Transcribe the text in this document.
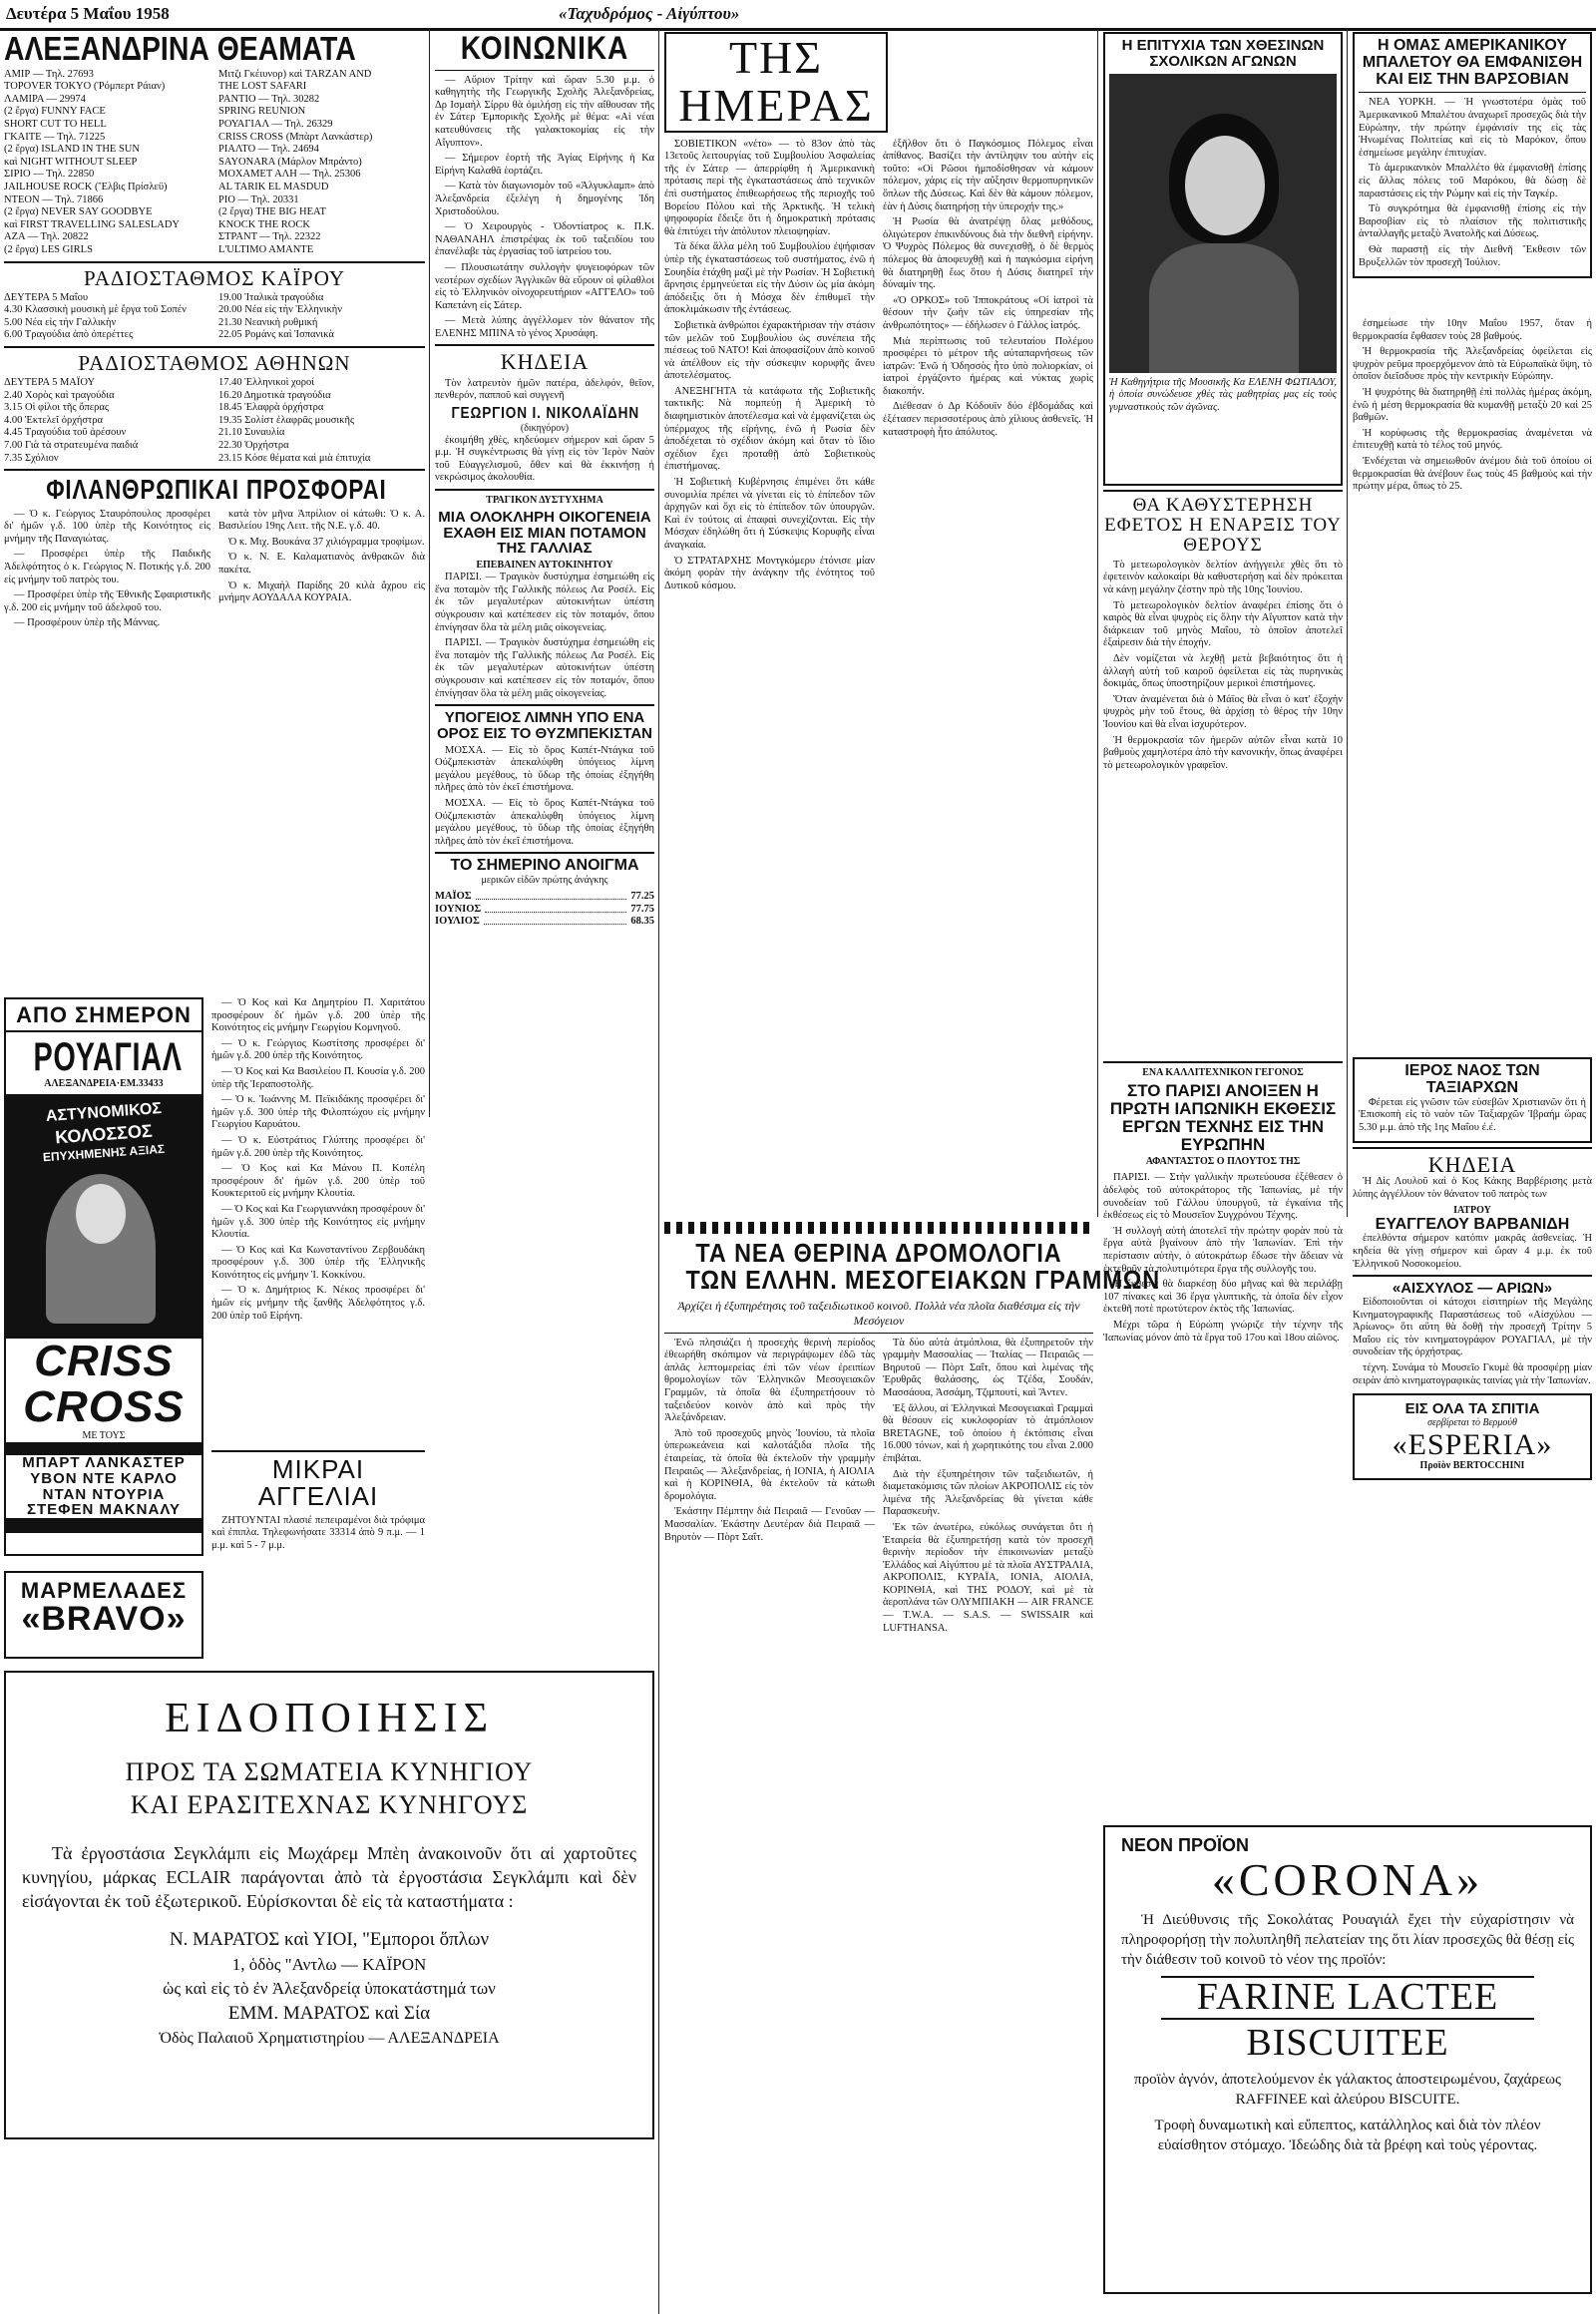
Δευτέρα 5 Μαΐου 1958	«Ταχυδρόμος - Αἰγύπτου»
ΑΛΕΞΑΝΔΡΙΝΑ ΘΕΑΜΑΤΑ
ΑΜΙΡ — Τηλ. 27693
TOPOVER TOKYO (Ῥόμπερτ Ράιαν)
ΛΑΜΙΡΑ — 29974
(2 ἔργα) FUNNY FACE
SHORT CUT TO HELL
ΓΚΑΙΤΕ — Τηλ. 71225
(2 ἔργα) ISLAND IN THE SUN
καὶ NIGHT WITHOUT SLEEP
ΣΙΡΙΟ — Τηλ. 22850
JAILHOUSE ROCK (Ἔλβις Πρίσλεϋ)
ΝΤΕΟΝ — Τηλ. 71866
(2 ἔργα) NEVER SAY GOODBYE
καὶ FIRST TRAVELLING SALESLADY
ΑΖΑ — Τηλ. 20822
(2 ἔργα) LES GIRLS
Μιτζι Γκέιυνορ) καὶ TARZAN AND
THE LOST SAFARI
ΡΑΝΤΙΟ — Τηλ. 30282
SPRING REUNION
ΡΟΥΑΓΙΑΛ — Τηλ. 26329
CRISS CROSS (Μπὰρτ Λανκάστερ)
ΡΙΑΛΤΟ — Τηλ. 24694
SAYONARA (Μάρλον Μπράντο)
ΜΟΧΑΜΕΤ ΑΛΗ — Τηλ. 25306
AL TARIK EL MASDUD
ΡΙΟ — Τηλ. 20331
(2 ἔργα) THE BIG HEAT
KNOCK THE ROCK
ΣΤΡΑΝΤ — Τηλ. 22322
L'ULTIMO AMANTE
ΡΑΔΙΟΣΤΑΘΜΟΣ ΚΑΪΡΟΥ
ΔΕΥΤΕΡΑ 5 Μαΐου
4.30 Κλασσικὴ μουσικὴ μὲ ἔργα τοῦ Σοπέν
5.00 Νέα εἰς τὴν Γαλλικὴν
6.00 Τραγούδια ἀπὸ ὀπερέττες
19.00 Ἰταλικὰ τραγούδια
20.00 Νέα εἰς τὴν Ἑλληνικὴν
21.30 Νεανικὴ ρυθμική
22.05 Ρομάνς καὶ Ἰσπανικὰ
ΡΑΔΙΟΣΤΑΘΜΟΣ ΑΘΗΝΩΝ
ΔΕΥΤΕΡΑ 5 ΜΑΪΟΥ
2.40 Χορὸς καὶ τραγούδια
3.15 Οἱ φίλοι τῆς ὄπερας
4.00 Ἐκτελεῖ ὀρχήστρα
4.45 Τραγούδια τοῦ ἀρέσουν
7.00 Γιὰ τὰ στρατευμένα παιδιά
7.35 Σχόλιον
17.40 Ἑλληνικοὶ χοροί
16.20 Δημοτικὰ τραγούδια
18.45 Ἐλαφρὰ ὀρχήστρα
19.35 Σολίστ ἐλαφρᾶς μουσικῆς
21.10 Συναυλία
22.30 Ὀρχήστρα
23.15 Κόσε θέματα καὶ μιὰ ἐπιτυχία
ΦΙΛΑΝΘΡΩΠΙΚΑΙ ΠΡΟΣΦΟΡΑΙ

— Ὁ κ. Γεώργιος Σταυρόπουλος προσφέρει δι' ἡμῶν γ.δ. 100 ὑπὲρ τῆς Κοινότητος εἰς μνήμην τῆς Παναγιώτας.

— Προσφέρει ὑπὲρ τῆς Παιδικῆς Ἀδελφότητος ὁ κ. Γεώργιος Ν. Ποτικής γ.δ. 200 εἰς μνήμην τοῦ πατρὸς του.

— Προσφέρει ὑπὲρ τῆς Ἐθνικῆς Σφαιριστικῆς γ.δ. 200 εἰς μνήμην τοῦ ἀδελφοῦ του.

— Προσφέρουν ὑπὲρ τῆς Μάννας.

κατὰ τὸν μῆνα Ἀπρίλιον οἱ κάτωθι: Ὁ κ. Α. Βασιλείου 19ης Λειτ. τῆς Ν.Ε. γ.δ. 40.

Ὁ κ. Μιχ. Βουκάνα 37 χιλιόγραμμα τροφίμων.

Ὁ κ. Ν. Ε. Καλαματιανὸς ἀνθρακῶν διὰ πακέτα.

Ὁ κ. Μιχαὴλ Παρίδης 20 κιλὰ ἄχρου εἰς μνήμην ΑΟΥΔΑΛΑ ΚΟΥΡΑΙΑ.

ΑΠΟ ΣΗΜΕΡΟΝ
ΡΟΥΑΓΙΑΛ
ΑΛΕΞΑΝΔΡΕΙΑ·ΕΜ.33433
ΑΣΤΥΝΟΜΙΚΟΣ
ΚΟΛΟΣΣΟΣ
ΕΠΥΧΗΜΕΝΗΣ ΑΞΙΑΣ
CRISS
CROSS
ΜΕ ΤΟΥΣ
ΜΠΑΡΤ ΛΑΝΚΑΣΤΕΡ
ΥΒΟΝ ΝΤΕ ΚΑΡΛΟ
ΝΤΑΝ ΝΤΟΥΡΙΑ
ΣΤΕΦΕΝ ΜΑΚΝΑΛΥ

— Ὁ Κος καὶ Κα Δημητρίου Π. Χαριτάτου προσφέρουν δι' ἡμῶν γ.δ. 200 ὑπὲρ τῆς Κοινότητος εἰς μνήμην Γεωργίου Κομνηνοῦ.

— Ὁ κ. Γεώργιος Κωστίτσης προσφέρει δι' ἡμῶν γ.δ. 200 ὑπὲρ τῆς Κοινότητος.

— Ὁ Κος καὶ Κα Βασιλείου Π. Κουσία γ.δ. 200 ὑπὲρ τῆς Ἱεραποστολῆς.

— Ὁ κ. Ἰωάννης Μ. Πεϊκιδάκης προσφέρει δι' ἡμῶν γ.δ. 300 ὑπὲρ τῆς Φιλοπτώχου εἰς μνήμην Γεωργίου Καρυάτου.

— Ὁ κ. Εὐστράτιος Γλύπτης προσφέρει δι' ἡμῶν γ.δ. 200 ὑπὲρ τῆς Κοινότητος.

— Ὁ Κος καὶ Κα Μάνου Π. Κοπέλη προσφέρουν δι' ἡμῶν γ.δ. 200 ὑπὲρ τοῦ Κουκτεριτοῦ εἰς μνήμην Κλουτία.

— Ὁ Κος καὶ Κα Γεωργιαννάκη προσφέρουν δι' ἡμῶν γ.δ. 300 ὑπὲρ τῆς Κοινότητος εἰς μνήμην Κλουτία.

— Ὁ Κος καὶ Κα Κωνσταντίνου Ζερβουδάκη προσφέρουν γ.δ. 300 ὑπὲρ τῆς Ἐλληνικῆς Κοινότητος εἰς μνήμην Ἰ. Κοκκίνου.

— Ὁ κ. Δημήτριος Κ. Νέκος προσφέρει δι' ἡμῶν εἰς μνήμην τῆς ξανθῆς Ἀδελφότητος γ.δ. 200 ὑπὲρ τοῦ Εἰρήνη.

ΜΙΚΡΑΙ ΑΓΓΕΛΙΑΙ

ΖΗΤΟΥΝΤΑΙ πλασιέ πεπειραμένοι διὰ τρόφιμα καὶ ἐπιπλα. Τηλεφωνήσατε 33314 ἀπὸ 9 π.μ. — 1 μ.μ. καὶ 5 - 7 μ.μ.

ΜΑΡΜΕΛΑΔΕΣ
«BRAVO»
ΕΙΔΟΠΟΙΗΣΙΣ
ΠΡΟΣ ΤΑ ΣΩΜΑΤΕΙΑ ΚΥΝΗΓΙΟΥ
ΚΑΙ ΕΡΑΣΙΤΕΧΝΑΣ ΚΥΝΗΓΟΥΣ

Τὰ ἐργοστάσια Σεγκλάμπι εἰς Μωχάρεμ Μπὲη ἀνακοινοῦν ὅτι αἱ χαρτοῦτες κυνηγίου, μάρκας ECLAIR παράγονται ἀπὸ τὰ ἐργοστάσια Σεγκλάμπι καὶ δὲν εἰσάγονται ἐκ τοῦ ἐξωτερικοῦ. Εὑρίσκονται δὲ εἰς τὰ καταστήματα :

Ν. ΜΑΡΑΤΟΣ καὶ ΥΙΟΙ, "Εμποροι ὅπλων
1, ὁδὸς "Αντλω — ΚΑΪΡΟΝ
ὡς καὶ εἰς τὸ ἐν Ἀλεξανδρείᾳ ὑποκατάστημά των
ΕΜΜ. ΜΑΡΑΤΟΣ καὶ Σία
Ὁδὸς Παλαιοῦ Χρηματιστηρίου — ΑΛΕΞΑΝΔΡΕΙΑ
ΚΟΙΝΩΝΙΚΑ

— Αὔριον Τρίτην καὶ ὥραν 5.30 μ.μ. ὁ καθηγητὴς τῆς Γεωργικῆς Σχολῆς Ἀλεξανδρείας, Δρ Ισμαὴλ Σίρρυ θὰ ὁμιλήσῃ εἰς τὴν αἴθουσαν τῆς ἐν Σάτερ Ἐμπορικῆς Σχολῆς μὲ θέμα: «Αἱ νέαι κατευθύνσεις τῆς γαλακτοκομίας εἰς τὴν Αἴγυπτον».

— Σήμερον ἑορτὴ τῆς Ἁγίας Εἰρήνης ἡ Κα Εἰρήνη Καλαθᾶ ἑορτάζει.

— Κατὰ τὸν διαγωνισμὸν τοῦ «Ἀλγυκλαμπ» ἀπὸ Ἀλεξανδρεία ἐξελέγη ἡ δημογένης Ἰδη Χριστοδούλου.

— Ὁ Χειρουργὸς - Ὀδοντίατρος κ. Π.Κ. ΝΑΘΑΝΑΗΛ ἐπιστρέψας ἐκ τοῦ ταξειδίου του ἐπανέλαβε τὰς ἐργασίας τοῦ ἰατρείου του.

— Πλουσιωτάτην συλλογὴν ψυγειοφόρων τῶν νεοτέρων σχεδίων Ἀγγλικῶν θὰ εὕρουν οἱ φίλαθλοι εἰς τὸ Ἑλληνικὸν οἰνοχορευτήριον «ΑΓΓΕΛΟ» τοῦ Καπετάνη εἰς Σάτερ.

— Μετὰ λύπης ἀγγέλλομεν τὸν θάνατον τῆς ΕΛΕΝΗΣ ΜΠΙΝΑ τὸ γένος Χρυσάφη.

ΚΗΔΕΙΑ

Τὸν λατρευτὸν ἡμῶν πατέρα, ἀδελφόν, θεῖον, πενθερόν, παπποῦ καὶ συγγενῆ

ΓΕΩΡΓΙΟΝ Ι. ΝΙΚΟΛΑΪΔΗΝ
(δικηγόρον)

ἐκοιμήθη χθὲς, κηδεύομεν σήμερον καὶ ὥραν 5 μ.μ. Ἡ συγκέντρωσις θὰ γίνῃ εἰς τὸν Ἱερὸν Ναὸν τοῦ Εὐαγγελισμοῦ, ὅθεν καὶ θὰ ἐκκινήσῃ ἡ νεκρώσιμος ἀκολουθία.

ΤΡΑΓΙΚΟΝ ΔΥΣΤΥΧΗΜΑ
ΜΙΑ ΟΛΟΚΛΗΡΗ ΟΙΚΟΓΕΝΕΙΑ ΕΧΑΘΗ ΕΙΣ ΜΙΑΝ ΠΟΤΑΜΟΝ ΤΗΣ ΓΑΛΛΙΑΣ
ΕΠΕΒΑΙΝΕΝ ΑΥΤΟΚΙΝΗΤΟΥ

ΠΑΡΙΣΙ. — Τραγικὸν δυστύχημα ἐσημειώθη εἰς ἕνα ποταμὸν τῆς Γαλλικῆς πόλεως Λα Ροσέλ. Εἰς ἐκ τῶν μεγαλυτέρων αὐτοκινήτων ὑπέστη σύγκρουσιν καὶ κατέπεσεν εἰς τὸν ποταμόν, ὅπου ἐπνίγησαν ὅλα τὰ μέλη μιᾶς οἰκογενείας.

ΠΑΡΙΣΙ. — Τραγικὸν δυστύχημα ἐσημειώθη εἰς ἕνα ποταμὸν τῆς Γαλλικῆς πόλεως Λα Ροσέλ. Εἰς ἐκ τῶν μεγαλυτέρων αὐτοκινήτων ὑπέστη σύγκρουσιν καὶ κατέπεσεν εἰς τὸν ποταμόν, ὅπου ἐπνίγησαν ὅλα τὰ μέλη μιᾶς οἰκογενείας.

ΥΠΟΓΕΙΟΣ ΛΙΜΝΗ ΥΠΟ ΕΝΑ ΟΡΟΣ ΕΙΣ ΤΟ ΘΥΖΜΠΕΚΙΣΤΑΝ

ΜΟΣΧΑ. — Εἰς τὸ ὄρος Καπέτ-Ντάγκα τοῦ Οὐζμπεκιστὰν ἀπεκαλύφθη ὑπόγειος λίμνη μεγάλου μεγέθους, τὸ ὕδωρ τῆς ὁποίας ἐξηγήθη πλῆρες ἀπὸ τὸν ἐκεῖ ἐπιστήμονα.

ΜΟΣΧΑ. — Εἰς τὸ ὄρος Καπέτ-Ντάγκα τοῦ Οὐζμπεκιστὰν ἀπεκαλύφθη ὑπόγειος λίμνη μεγάλου μεγέθους, τὸ ὕδωρ τῆς ὁποίας ἐξηγήθη πλῆρες ἀπὸ τὸν ἐκεῖ ἐπιστήμονα.

ΤΟ ΣΗΜΕΡΙΝΟ ΑΝΟΙΓΜΑ
μερικῶν εἰδῶν πρώτης ἀνάγκης
ΜΑΪΟΣ	77.25
ΙΟΥΝΙΟΣ	77.75
ΙΟΥΛΙΟΣ	68.35
ΤΗΣ ΗΜΕΡΑΣ

ΣΟΒΙΕΤΙΚΟΝ «νέτο» — τὸ 83ον ἀπὸ τὰς 13ετοῦς λειτουργίας τοῦ Συμβουλίου Ἀσφαλείας τῆς ἐν Σάτερ — ἀπερρίφθη ἡ Ἀμερικανικὴ πρότασις περὶ τῆς ἐγκαταστάσεως ἀπὸ τεχνικῶν ἐπὶ συστήματος ἐπιθεωρήσεως τῆς περιοχῆς τοῦ Βορείου Πόλου καὶ τῆς Ἀρκτικῆς. Ἡ τελικὴ ψηφοφορία ἔδειξε ὅτι ἡ δημοκρατικὴ πρότασις θὰ ἐπιτύχει τὴν ἀπόλυτον πλειοψηφίαν.

Τὰ δέκα ἄλλα μέλη τοῦ Συμβουλίου ἐψήφισαν ὑπὲρ τῆς ἐγκαταστάσεως τοῦ συστήματος, ἐνῶ ἡ Σουηδία ἐτάχθη μαζὶ μὲ τὴν Ρωσίαν. Ἡ Σοβιετικὴ ἄρνησις ἐρμηνεύεται εἰς τὴν Δύσιν ὡς μία ἀκόμη ἀπόδειξις ὅτι ἡ Μόσχα δὲν ἐπιθυμεῖ τὴν ἀποκλιμάκωσιν τῆς ἐντάσεως.

Σοβιετικὰ ἀνθρώποι ἐχαρακτήρισαν τὴν στάσιν τῶν μελῶν τοῦ Συμβουλίου ὡς συνέπεια τῆς πιέσεως τοῦ ΝΑΤΟ! Καὶ ἀποφασίζουν ἀπὸ κοινοῦ νὰ ἀπέλθουν εἰς τὴν σύσκεψιν κορυφῆς ἄνευ ἀποτελέσματος.

ΑΝΕΞΗΓΗΤΑ τὰ κατάφωτα τῆς Σοβιετικῆς τακτικῆς: Νὰ πομπεύῃ ἡ Ἀμερικὴ τὸ διαφημιστικὸν ἀποτέλεσμα καὶ νὰ ἐμφανίζεται ὡς ὑπέρμαχος τῆς εἰρήνης, ἐνῶ ἡ Ρωσία δὲν ἀποδέχεται τὸ σχέδιον ἀκόμη καὶ ὅταν τὸ ἴδιο σχέδιον ἔχει προταθῇ ἀπὸ Σοβιετικοὺς ἐπιστήμονας.

Ἡ Σοβιετικὴ Κυβέρνησις ἐπιμένει ὅτι κάθε συνομιλία πρέπει νὰ γίνεται εἰς τὸ ἐπίπεδον τῶν ἀρχηγῶν καὶ ὄχι εἰς τὸ ἐπίπεδον τῶν ὑπουργῶν. Καὶ ἐν τούτοις αἱ ἐπαφαὶ συνεχίζονται. Εἰς τὴν Μόσχαν ἐδηλώθη ὅτι ἡ Σύσκεψις Κορυφῆς εἶναι ἀναγκαία.

Ὁ ΣΤΡΑΤΑΡΧΗΣ Μοντγκόμερυ ἐτόνισε μίαν ἀκόμη φορὰν τὴν ἀνάγκην τῆς ἑνότητος τοῦ Δυτικοῦ κόσμου.

ἐξῆλθον ὅτι ὁ Παγκόσμιος Πόλεμος εἶναι ἀπίθανος. Βασίζει τὴν ἀντίληψιν του αὐτὴν εἰς τοῦτο: «Οἱ Ρῶσοι ἠμποδίσθησαν νὰ κάμουν πόλεμον, χάρις εἰς τὴν αὔξησιν θερμοπυρηνικῶν ὅπλων τῆς Δύσεως. Καὶ δὲν θὰ κάμουν πόλεμον, ἐὰν ἡ Δύσις διατηρήσῃ τὴν ὑπεροχήν της.»

Ἡ Ρωσία θὰ ἀνατρέψῃ ὅλας μεθόδους, ὀλιγώτερον ἐπικινδύνους διὰ τὴν διεθνῆ εἰρήνην. Ὁ Ψυχρὸς Πόλεμος θὰ συνεχισθῇ, ὁ δὲ θερμὸς πόλεμος θὰ ἀποφευχθῇ καὶ ἡ παγκόσμια εἰρήνη θὰ διατηρηθῇ ἕως ὅτου ἡ Δύσις διατηρεῖ τὴν δύναμίν της.

«Ὁ ΟΡΚΟΣ» τοῦ Ἱπποκράτους «Οἱ ἰατροὶ τὰ θέσουν τὴν ζωὴν τῶν εἰς ὑπηρεσίαν τῆς ἀνθρωπότητος» — ἐδήλωσεν ὁ Γάλλος ἰατρός.

Μιὰ περίπτωσις τοῦ τελευταίου Πολέμου προσφέρει τὸ μέτρον τῆς αὐταπαρνήσεως τῶν ἰατρῶν: Ἐνῶ ἡ Ὀδησσὸς ἦτο ὑπὸ πολιορκίαν, οἱ ἰατροὶ ἐργάζοντο ἡμέρας καὶ νύκτας χωρὶς διακοπήν.

Διέθεσαν ὁ Δρ Κόδουϊν δύο ἐβδομάδας καὶ ἐξέτασεν περισσοτέρους ἀπὸ χίλιους ἀσθενεῖς. Ἡ καταστροφὴ ἦτο ἀπόλυτος.

ΤΑ ΝΕΑ ΘΕΡΙΝΑ ΔΡΟΜΟΛΟΓΙΑ
ΤΩΝ ΕΛΛΗΝ. ΜΕΣΟΓΕΙΑΚΩΝ ΓΡΑΜΜΩΝ
Ἀρχίζει ἡ ἐξυπηρέτησις τοῦ ταξειδιωτικοῦ κοινοῦ. Πολλὰ νέα πλοῖα διαθέσιμα εἰς τὴν Μεσόγειον

Ἐνῶ πλησιάζει ἡ προσεχὴς θερινὴ περίοδος ἐθεωρήθη σκόπιμον νὰ περιγράψωμεν ἐδῶ τὰς ἁπλᾶς λεπτομερείας ἐπὶ τῶν νέων ἐρειπίων θρομολογίων τῶν Ἑλληνικῶν Μεσογειακῶν Γραμμῶν, τὰ ὁποῖα θὰ ἐξυπηρετήσουν τὸ ταξειδεύον κοινὸν ἀπὸ καὶ πρὸς τὴν Ἀλεξάνδρειαν.

Ἀπὸ τοῦ προσεχοῦς μηνὸς Ἰουνίου, τὰ πλοῖα ὑπερωκεάνεια καὶ καλοτάξιδα πλοῖα τῆς ἑταιρείας, τὰ ὁποῖα θὰ ἐκτελοῦν τὴν γραμμὴν Πειραιῶς — Ἀλεξανδρείας, ἡ ΙΟΝΙΑ, ἡ ΑΙΟΛΙΑ καὶ ἡ ΚΟΡΙΝΘΙΑ, θὰ ἐκτελοῦν τὰ κάτωθι δρομολόγια.

Ἐκάστην Πέμπτην διὰ Πειραιᾶ — Γενοῦαν — Μασσαλίαν. Ἐκάστην Δευτέραν διὰ Πειραιᾶ — Βηρυτὸν — Πὸρτ Σαΐτ.

Τὰ δύο αὐτὰ ἀτμόπλοια, θὰ ἐξυπηρετοῦν τὴν γραμμὴν Μασσαλίας — Ἰταλίας — Πειραιῶς — Βηρυτοῦ — Πὸρτ Σαΐτ, ὅπου καὶ λιμένας τῆς Ἐρυθρᾶς θαλάσσης, ὡς Τζέδα, Σουδάν, Μασσάουα, Ἀσσάμη, Τζιμπουτί, καὶ Ἄντεν.

Ἐξ ἄλλου, αἱ Ἑλληνικαὶ Μεσογειακαὶ Γραμμαὶ θὰ θέσουν εἰς κυκλοφορίαν τὸ ἀτμόπλοιον BRETAGNE, τοῦ ὁποίου ἡ ἐκτόπισις εἶναι 16.000 τόνων, καὶ ἡ χωρητικότης του εἶναι 2.000 ἐπιβάται.

Διὰ τὴν ἐξυπηρέτησιν τῶν ταξειδιωτῶν, ἡ διαμετακόμισις τῶν πλοίων ΑΚΡΟΠΟΛΙΣ εἰς τὸν λιμένα τῆς Ἀλεξανδρείας θὰ γίνεται κάθε Παρασκευὴν.

Ἐκ τῶν ἀνωτέρω, εὐκόλως συνάγεται ὅτι ἡ Ἑταιρεία θὰ ἐξυπηρετήσῃ κατὰ τὸν προσεχῆ θερινὴν περίοδον τὴν ἐπικοινωνίαν μεταξὺ Ἑλλάδος καὶ Αἰγύπτου μὲ τὰ πλοῖα ΑΥΣΤΡΑΛΙΑ, ΑΚΡΟΠΟΛΙΣ, ΚΥΡΑΪΑ, ΙΟΝΙΑ, ΑΙΟΛΙΑ, ΚΟΡΙΝΘΙΑ, καὶ ΤΗΣ ΡΟΔΟΥ, καὶ μὲ τὰ ἀεροπλάνα τῶν ΟΛΥΜΠΙΑΚΗ — AIR FRANCE — T.W.A. — S.A.S. — SWISSAIR καὶ LUFTHANSA.

Η ΕΠΙΤΥΧΙΑ ΤΩΝ ΧΘΕΣΙΝΩΝ ΣΧΟΛΙΚΩΝ ΑΓΩΝΩΝ

Ἡ Καθηγήτρια τῆς Μουσικῆς Κα ΕΛΕΝΗ ΦΩΤΙΑΔΟΥ, ἡ ὁποία συνώδευσε χθὲς τὰς μαθητρίας μας εἰς τοὺς γυμναστικοὺς τῶν ἀγῶνας.

ΘΑ ΚΑΘΥΣΤΕΡΗΣΗ ΕΦΕΤΟΣ Η ΕΝΑΡΞΙΣ ΤΟΥ ΘΕΡΟΥΣ

Τὸ μετεωρολογικὸν δελτίον ἀνήγγειλε χθὲς ὅτι τὸ ἐφετεινὸν καλοκαίρι θὰ καθυστερήσῃ καὶ δὲν πρόκειται νὰ κάνῃ μεγάλην ζέστην πρὸ τῆς 10ης Ἰουνίου.

Τὸ μετεωρολογικὸν δελτίον ἀναφέρει ἐπίσης ὅτι ὁ καιρὸς θὰ εἶναι ψυχρὸς εἰς ὅλην τὴν Αἴγυπτον κατὰ τὴν διάρκειαν τοῦ μηνὸς Μαΐου, τὸ ὁποῖον ἀποτελεῖ ἐξαίρεσιν διὰ τὴν ἐποχήν.

Δὲν νομίζεται νὰ λεχθῇ μετὰ βεβαιότητος ὅτι ἡ ἀλλαγὴ αὐτὴ τοῦ καιροῦ ὀφείλεται εἰς τὰς πυρηνικὰς δοκιμάς, ὅπως ὑποστηρίζουν μερικοὶ ἐπιστήμονες.

Ὅταν ἀναμένεται διὰ ὁ Μάϊος θὰ εἶναι ὁ κατ' ἐξοχὴν ψυχρὸς μὴν τοῦ ἔτους, θὰ ἀρχίσῃ τὸ θέρος τὴν 10ην Ἰουνίου καὶ θὰ εἶναι ἰσχυρότερον.

Ἡ θερμοκρασία τῶν ἡμερῶν αὐτῶν εἶναι κατὰ 10 βαθμοὺς χαμηλοτέρα ἀπὸ τὴν κανονικήν, ὅπως ἀναφέρει τὸ μετεωρολογικὸν γραφεῖον.

ΕΝΑ ΚΑΛΛΙΤΕΧΝΙΚΟΝ ΓΕΓΟΝΟΣ
ΣΤΟ ΠΑΡΙΣΙ ΑΝΟΙΞΕΝ Η ΠΡΩΤΗ ΙΑΠΩΝΙΚΗ ΕΚΘΕΣΙΣ ΕΡΓΩΝ ΤΕΧΝΗΣ ΕΙΣ ΤΗΝ ΕΥΡΩΠΗΝ
ΑΦΑΝΤΑΣΤΟΣ Ο ΠΛΟΥΤΟΣ ΤΗΣ

ΠΑΡΙΣΙ. — Στὴν γαλλικὴν πρωτεύουσα ἐξέθεσεν ὁ ἀδελφὸς τοῦ αὐτοκράτορος τῆς Ἰαπωνίας, μὲ τὴν συνοδείαν τοῦ Γάλλου ὑπουργοῦ, τὰ ἐγκαίνια τῆς ἐκθέσεως εἰς τὸ Μουσεῖον Συγχρόνου Τέχνης.

Ἡ συλλογὴ αὐτὴ ἀποτελεῖ τὴν πρώτην φορὰν ποὺ τὰ ἔργα αὐτὰ βγαίνουν ἀπὸ τὴν Ἰαπωνίαν. Ἐπὶ τὴν περίστασιν αὐτὴν, ὁ αὐτοκράτωρ ἔδωσε τὴν ἄδειαν νὰ ἐκτεθοῦν τὰ πολυτιμότερα ἔργα τῆς συλλογῆς του.

Ἡ ἔκθεσις θὰ διαρκέσῃ δύο μῆνας καὶ θὰ περιλάβῃ 107 πίνακες καὶ 36 ἔργα γλυπτικῆς, τὰ ὁποῖα δὲν εἶχον ἐκτεθῆ ποτὲ πρωτύτερον ἐκτὸς τῆς Ἰαπωνίας.

Μέχρι τῶρα ἡ Εὐρώπη γνώριζε τὴν τέχνην τῆς Ἰαπωνίας μόνον ἀπὸ τὰ ἔργα τοῦ 17ου καὶ 18ου αἰῶνος.

Η ΟΜΑΣ ΑΜΕΡΙΚΑΝΙΚΟΥ ΜΠΑΛΕΤΟΥ ΘΑ ΕΜΦΑΝΙΣΘΗ ΚΑΙ ΕΙΣ ΤΗΝ ΒΑΡΣΟΒΙΑΝ

ΝΕΑ ΥΟΡΚΗ. — Ἡ γνωστοτέρα ὁμὰς τοῦ Ἀμερικανικοῦ Μπαλέτου ἀναχωρεῖ προσεχῶς διὰ τὴν Εὐρώπην, τὴν πρώτην ἐμφάνισίν της εἰς τὰς Ἡνωμένας Πολιτείας καὶ εἰς τὸ Μαρόκον, ὅπου ἐσημείωσε μεγάλην ἐπιτυχίαν.

Τὸ ἀμερικανικὸν Μπαλλέτο θὰ ἐμφανισθῇ ἐπίσης εἰς ἄλλας πόλεις τοῦ Μαρόκου, θὰ δώσῃ δὲ παραστάσεις εἰς τὴν Ρώμην καὶ εἰς τὴν Ταγκέρ.

Τὸ συγκρότημα θὰ ἐμφανισθῇ ἐπίσης εἰς τὴν Βαρσοβίαν εἰς τὸ πλαίσιον τῆς πολιτιστικῆς ἀνταλλαγῆς μεταξὺ Ἀνατολῆς καὶ Δύσεως.

Θὰ παραστῇ εἰς τὴν Διεθνῆ Ἔκθεσιν τῶν Βρυξελλῶν τὸν προσεχῆ Ἰούλιον.

ἐσημείωσε τὴν 10ην Μαΐου 1957, ὅταν ἡ θερμοκρασία ἔφθασεν τοὺς 28 βαθμούς.

Ἡ θερμοκρασία τῆς Ἀλεξανδρείας ὀφείλεται εἰς ψυχρὸν ρεῦμα προερχόμενον ἀπὸ τὰ Εὐρωπαϊκὰ ὕψη, τὸ ὁποῖον διεῖσδυσε πρὸς τὴν κεντρικὴν Εὐρώπην.

Ἡ ψυχρότης θὰ διατηρηθῇ ἐπὶ πολλὰς ἡμέρας ἀκόμη, ἐνῶ ἡ μέση θερμοκρασία θὰ κυμανθῇ μεταξὺ 20 καὶ 25 βαθμῶν.

Ἡ κορύφωσις τῆς θερμοκρασίας ἀναμένεται νὰ ἐπιτευχθῇ κατὰ τὸ τέλος τοῦ μηνός.

Ἐνδέχεται νὰ σημειωθοῦν ἀνέμου διὰ τοῦ ὁποίου οἱ θερμοκρασίαι θὰ ἀνέβουν ἕως τοὺς 45 βαθμοὺς καὶ τὴν πρώτην μέρα, ὅπως τὸ 25.

ΙΕΡΟΣ ΝΑΟΣ ΤΩΝ ΤΑΞΙΑΡΧΩΝ

Φέρεται εἰς γνῶσιν τῶν εὐσεβῶν Χριστιανῶν ὅτι ἡ Ἐπισκοπὴ εἰς τὸ ναὸν τῶν Ταξιαρχῶν Ἰβραήμ ὥρας 5.30 μ.μ. ἀπὸ τῆς 1ης Μαΐου ἐ.ἐ.

ΚΗΔΕΙΑ

Ἡ Δὶς Λουλοῦ καὶ ὁ Κος Κάκης Βαρβέρισης μετὰ λύπης ἀγγέλλουν τὸν θάνατον τοῦ πατρὸς των

ΙΑΤΡΟΥ
ΕΥΑΓΓΕΛΟΥ ΒΑΡΒΑΝΙΔΗ

ἐπελθόντα σήμερον κατόπιν μακρᾶς ἀσθενείας. Ἡ κηδεία θὰ γίνῃ σήμερον καὶ ὥραν 4 μ.μ. ἐκ τοῦ Ἑλληνικοῦ Νοσοκομείου.

«ΑΙΣΧΥΛΟΣ — ΑΡΙΩΝ»

Εἰδοποιοῦνται οἱ κάτοχοι εἰσιτηρίων τῆς Μεγάλης Κινηματογραφικῆς Παραστάσεως τοῦ «Αἰσχύλου — Ἀρίωνος» ὅτι αὕτη θὰ δοθῇ τὴν προσεχῆ Τρίτην 5 Μαΐου εἰς τὸν κινηματογράφον ΡΟΥΑΓΙΑΛ, μὲ τὴν συνοδείαν τῆς ὀρχήστρας.

τέχνη. Συνάμα τὸ Μουσεῖο Γκυμὲ θὰ προσφέρῃ μίαν σειρὰν ἀπὸ κινηματογραφικὰς ταινίας γιὰ τὴν Ἰαπωνίαν.

ΕΙΣ ΟΛΑ ΤΑ ΣΠΙΤΙΑ
σερβίρεται τὸ Βερμούθ
«ESPERIA»
Προϊὸν BERTOCCHINI
ΝΕΟΝ ΠΡΟΪΟΝ
«CORONA»

Ἡ Διεύθυνσις τῆς Σοκολάτας Ρουαγιάλ ἔχει τὴν εὐχαρίστησιν νὰ πληροφορήσῃ τὴν πολυπληθῆ πελατείαν της ὅτι λίαν προσεχῶς θὰ θέσῃ εἰς τὴν διάθεσιν τοῦ κοινοῦ τὸ νέον της προϊόν:

FARINE LACTEE
BISCUITEE

προϊὸν ἁγνόν, ἀποτελούμενον ἐκ γάλακτος ἀποστειρωμένου, ζαχάρεως RAFFINEE καὶ ἀλεύρου BISCUITE.

Τροφὴ δυναμωτικὴ καὶ εὔπεπτος, κατάλληλος καὶ διὰ τὸν πλέον εὐαίσθητον στόμαχο. Ἰδεώδης διὰ τὰ βρέφη καὶ τοὺς γέροντας.
